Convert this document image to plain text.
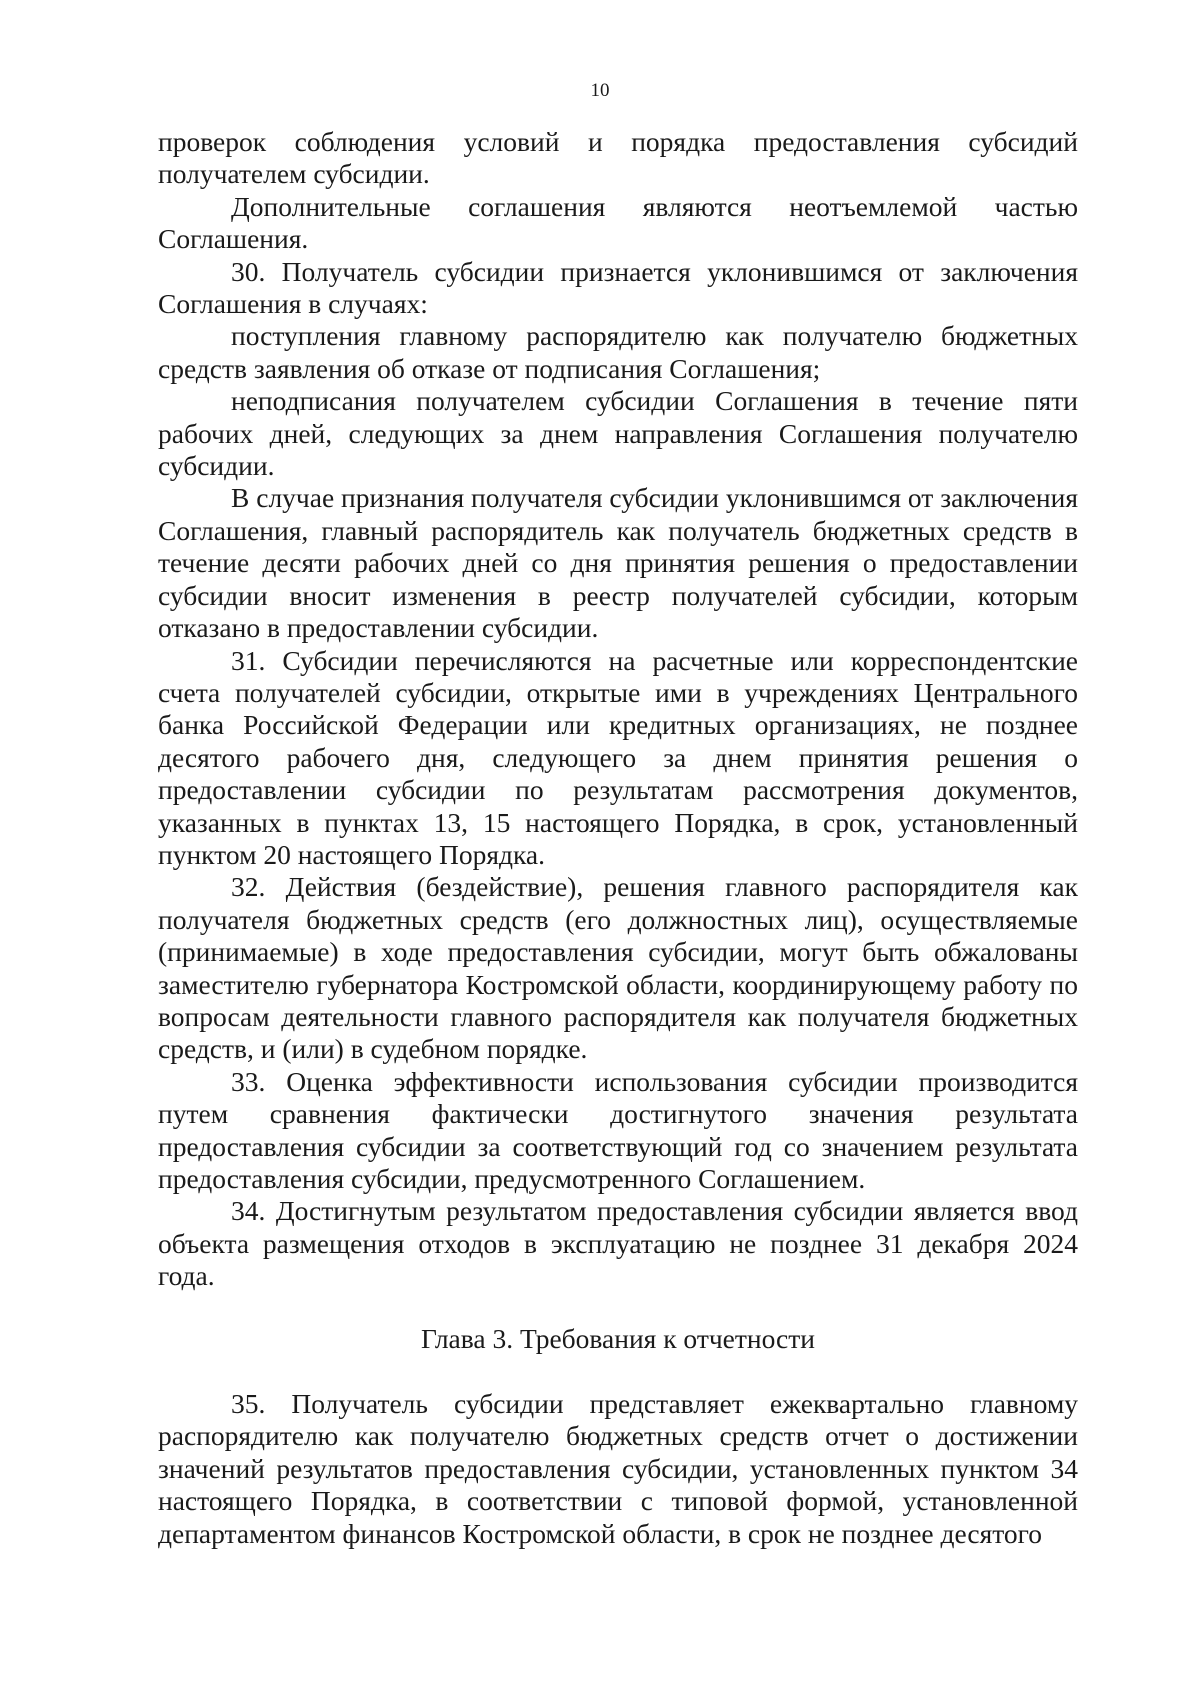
10

проверок соблюдения условий и порядка предоставления субсидий получателем субсидии.

Дополнительные соглашения являются неотъемлемой частью Соглашения.

30. Получатель субсидии признается уклонившимся от заключения Соглашения в случаях:

поступления главному распорядителю как получателю бюджетных средств заявления об отказе от подписания Соглашения;

неподписания получателем субсидии Соглашения в течение пяти рабочих дней, следующих за днем направления Соглашения получателю субсидии.

В случае признания получателя субсидии уклонившимся от заключения Соглашения, главный распорядитель как получатель бюджетных средств в течение десяти рабочих дней со дня принятия решения о предоставлении субсидии вносит изменения в реестр получателей субсидии, которым отказано в предоставлении субсидии.

31. Субсидии перечисляются на расчетные или корреспондентские счета получателей субсидии, открытые ими в учреждениях Центрального банка Российской Федерации или кредитных организациях, не позднее десятого рабочего дня, следующего за днем принятия решения о предоставлении субсидии по результатам рассмотрения документов, указанных в пунктах 13, 15 настоящего Порядка, в срок, установленный пунктом 20 настоящего Порядка.

32. Действия (бездействие), решения главного распорядителя как получателя бюджетных средств (его должностных лиц), осуществляемые (принимаемые) в ходе предоставления субсидии, могут быть обжалованы заместителю губернатора Костромской области, координирующему работу по вопросам деятельности главного распорядителя как получателя бюджетных средств, и (или) в судебном порядке.

33. Оценка эффективности использования субсидии производится путем сравнения фактически достигнутого значения результата предоставления субсидии за соответствующий год со значением результата предоставления субсидии, предусмотренного Соглашением.

34. Достигнутым результатом предоставления субсидии является ввод объекта размещения отходов в эксплуатацию не позднее 31 декабря 2024 года.

Глава 3. Требования к отчетности

35. Получатель субсидии представляет ежеквартально главному распорядителю как получателю бюджетных средств отчет о достижении значений результатов предоставления субсидии, установленных пунктом 34 настоящего Порядка, в соответствии с типовой формой, установленной департаментом финансов Костромской области, в срок не позднее десятого
